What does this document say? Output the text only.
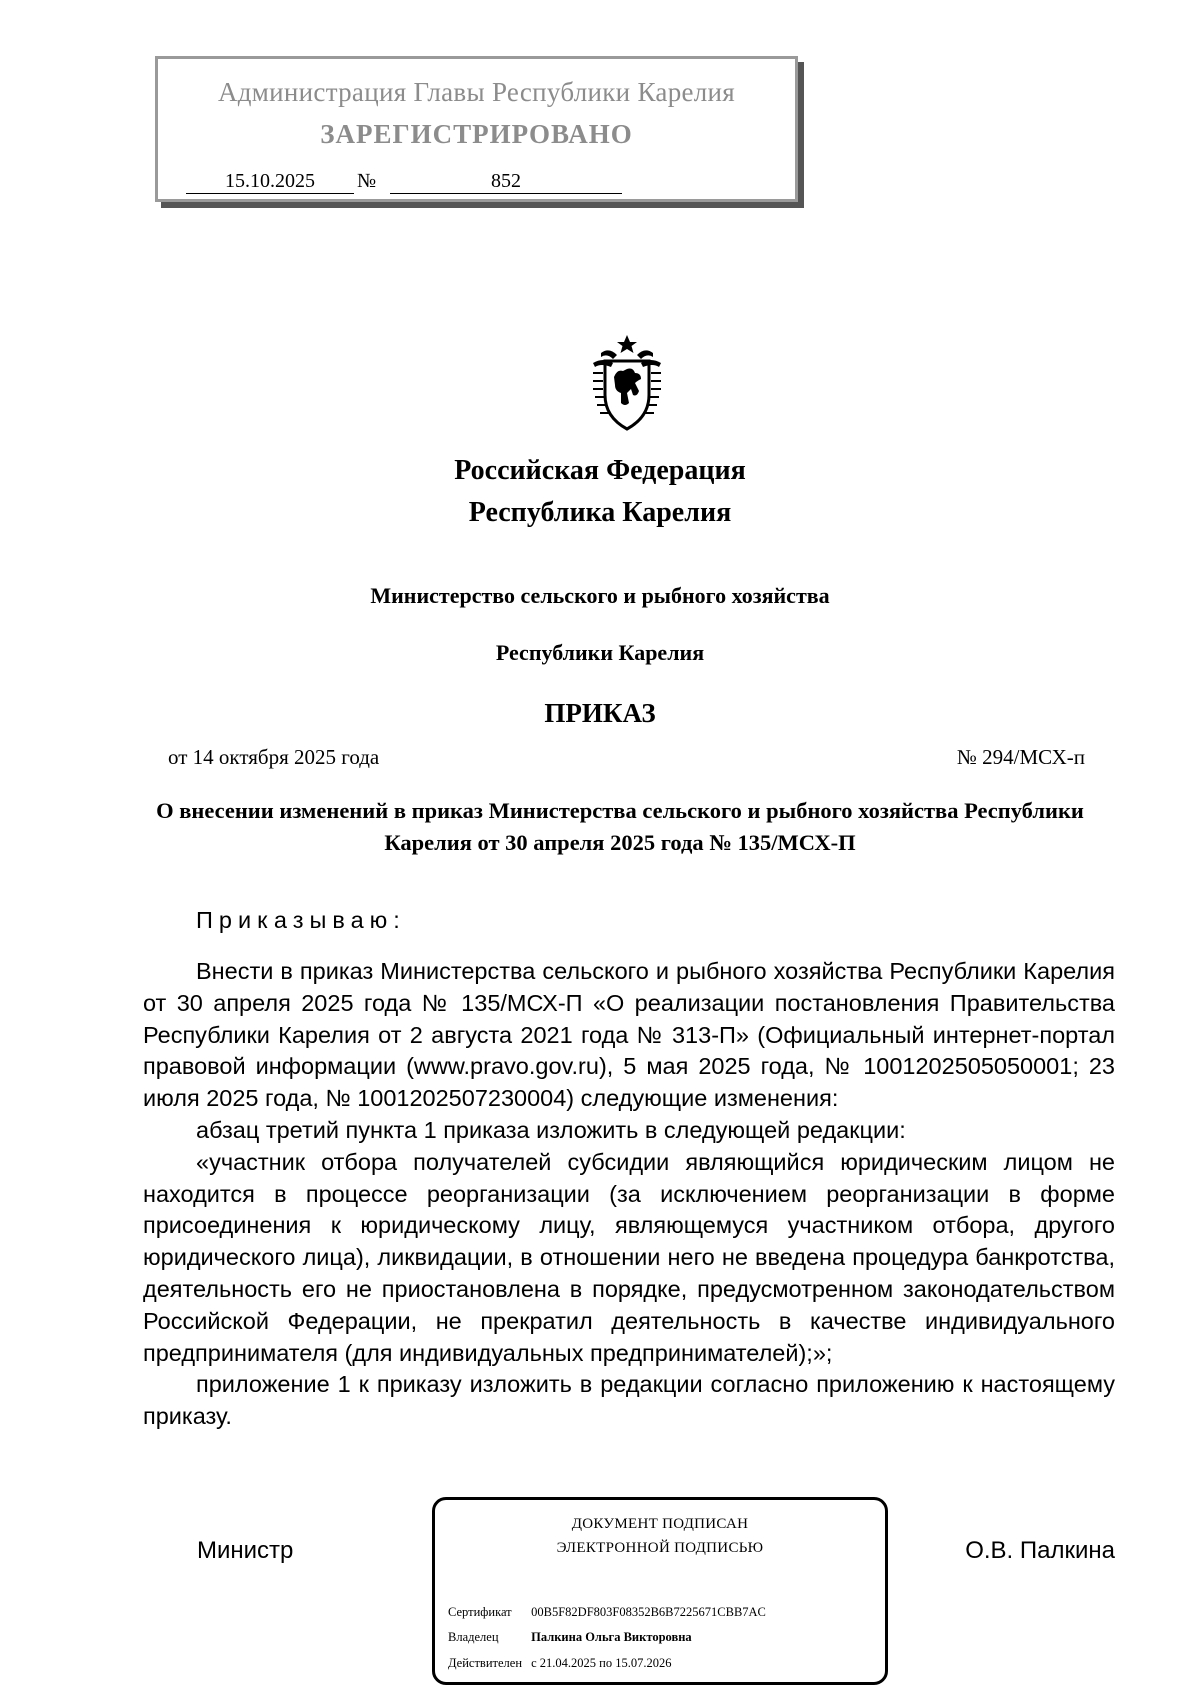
Администрация Главы Республики Карелия
ЗАРЕГИСТРИРОВАНО
15.10.2025	№	852
Российская Федерация
Республика Карелия
Министерство сельского и рыбного хозяйства
Республики Карелия
ПРИКАЗ
от 14 октября 2025 года	№ 294/МСХ-п
О внесении изменений в приказ Министерства сельского и рыбного хозяйства Республики Карелия от 30 апреля 2025 года № 135/МСХ-П
Приказываю:

Внести в приказ Министерства сельского и рыбного хозяйства Республики Карелия от 30 апреля 2025 года № 135/МСХ-П «О реализации постановления Правительства Республики Карелия от 2 августа 2021 года № 313-П» (Официальный интернет-портал правовой информации (www.pravo.gov.ru), 5 мая 2025 года, № 1001202505050001; 23 июля 2025 года, № 1001202507230004) следующие изменения:

абзац третий пункта 1 приказа изложить в следующей редакции:

«участник отбора получателей субсидии являющийся юридическим лицом не находится в процессе реорганизации (за исключением реорганизации в форме присоединения к юридическому лицу, являющемуся участником отбора, другого юридического лица), ликвидации, в отношении него не введена процедура банкротства, деятельность его не приостановлена в порядке, предусмотренном законодательством Российской Федерации, не прекратил деятельность в качестве индивидуального предпринимателя (для индивидуальных предпринимателей);»;

приложение 1 к приказу изложить в редакции согласно приложению к настоящему приказу.

Министр	О.В. Палкина
ДОКУМЕНТ ПОДПИСАН
ЭЛЕКТРОННОЙ ПОДПИСЬЮ
Сертификат 00B5F82DF803F08352B6B7225671CBB7AC
Владелец	Палкина Ольга Викторовна
Действителен с 21.04.2025 по 15.07.2026
